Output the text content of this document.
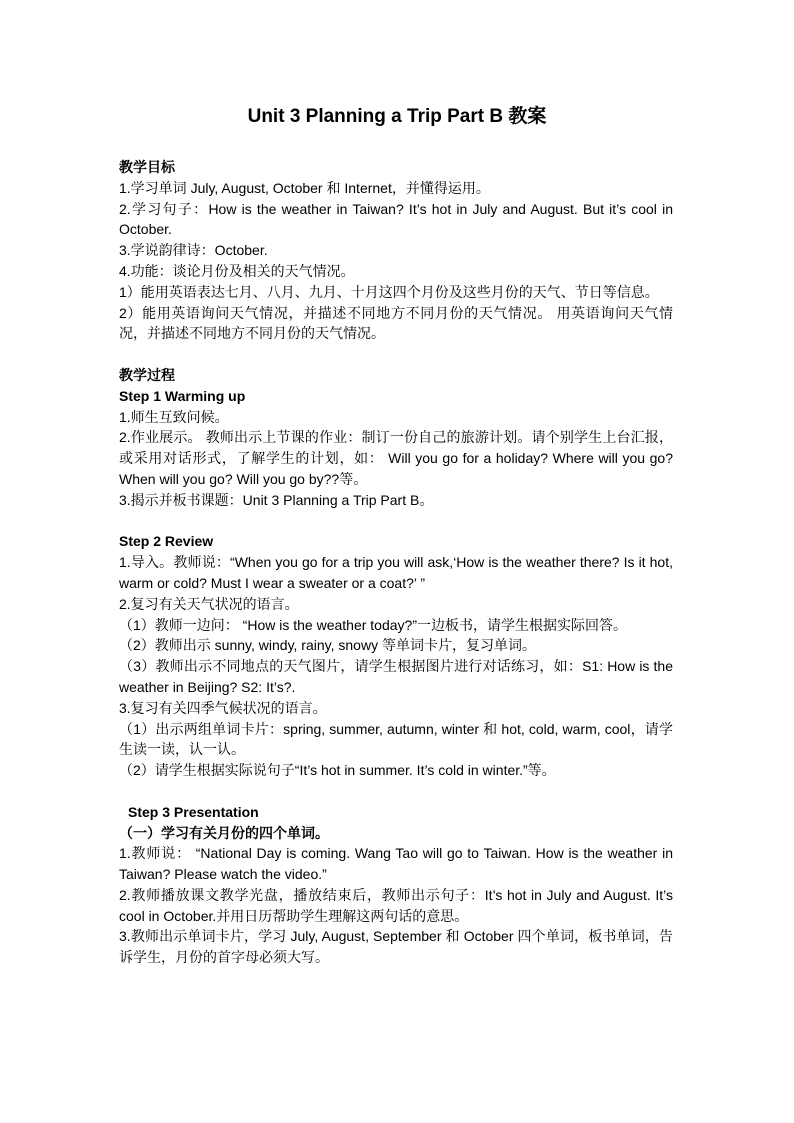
Unit 3 Planning a Trip Part B 教案

教学目标

1.学习单词 July, August, October 和 Internet，并懂得运用。

2.学习句子：How is the weather in Taiwan? It’s hot in July and August. But it’s cool in October.

3.学说韵律诗：October.

4.功能：谈论月份及相关的天气情况。

1）能用英语表达七月、八月、九月、十月这四个月份及这些月份的天气、节日等信息。

2）能用英语询问天气情况，并描述不同地方不同月份的天气情况。 用英语询问天气情况，并描述不同地方不同月份的天气情况。

教学过程

Step 1 Warming up

1.师生互致问候。

2.作业展示。 教师出示上节课的作业：制订一份自己的旅游计划。请个别学生上台汇报，或采用对话形式，了解学生的计划，如： Will you go for a holiday? Where will you go? When will you go? Will you go by??等。

3.揭示并板书课题：Unit 3 Planning a Trip Part B。

Step 2 Review

1.导入。教师说：“When you go for a trip you will ask,‘How is the weather there? Is it hot, warm or cold? Must I wear a sweater or a coat?’ ”

2.复习有关天气状况的语言。

（1）教师一边问： “How is the weather today?”一边板书，请学生根据实际回答。

（2）教师出示 sunny, windy, rainy, snowy 等单词卡片，复习单词。

（3）教师出示不同地点的天气图片，请学生根据图片进行对话练习，如：S1: How is the weather in Beijing? S2: It’s?.

3.复习有关四季气候状况的语言。

（1）出示两组单词卡片：spring, summer, autumn, winter 和 hot, cold, warm, cool，请学生读一读，认一认。

（2）请学生根据实际说句子“It’s hot in summer. It’s cold in winter.”等。

Step 3 Presentation

（一）学习有关月份的四个单词。

1.教师说： “National Day is coming. Wang Tao will go to Taiwan. How is the weather in Taiwan? Please watch the video.”

2.教师播放课文教学光盘，播放结束后，教师出示句子：It’s hot in July and August. It’s cool in October.并用日历帮助学生理解这两句话的意思。

3.教师出示单词卡片，学习 July, August, September 和 October 四个单词，板书单词，告诉学生，月份的首字母必须大写。
